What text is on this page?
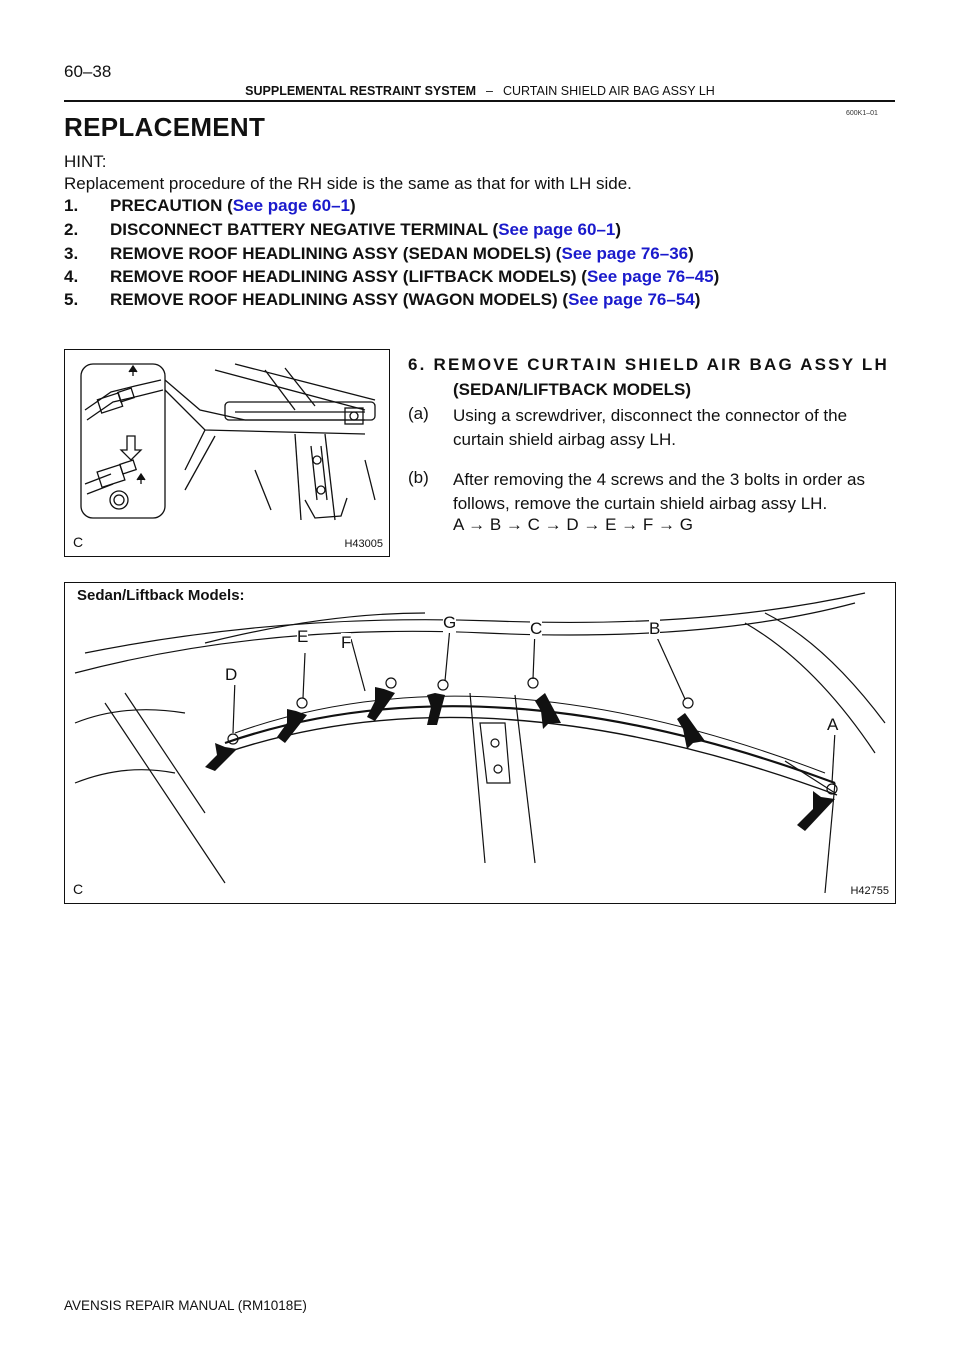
60–38
SUPPLEMENTAL RESTRAINT SYSTEM – CURTAIN SHIELD AIR BAG ASSY LH
600K1–01
REPLACEMENT
HINT:
Replacement procedure of the RH side is the same as that for with LH side.
1. PRECAUTION (See page 60–1)
2. DISCONNECT BATTERY NEGATIVE TERMINAL (See page 60–1)
3. REMOVE ROOF HEADLINING ASSY (SEDAN MODELS) (See page 76–36)
4. REMOVE ROOF HEADLINING ASSY (LIFTBACK MODELS) (See page 76–45)
5. REMOVE ROOF HEADLINING ASSY (WAGON MODELS) (See page 76–54)
C	H43005
6. REMOVE CURTAIN SHIELD AIR BAG ASSY LH
(SEDAN/LIFTBACK MODELS)
(a) Using a screwdriver, disconnect the connector of the curtain shield airbag assy LH.
(b) After removing the 4 screws and the 3 bolts in order as follows, remove the curtain shield airbag assy LH.
A → B → C → D → E → F → G
Sedan/Liftback Models:
A
B
C
D
E F
G
C	H42755
AVENSIS REPAIR MANUAL (RM1018E)
